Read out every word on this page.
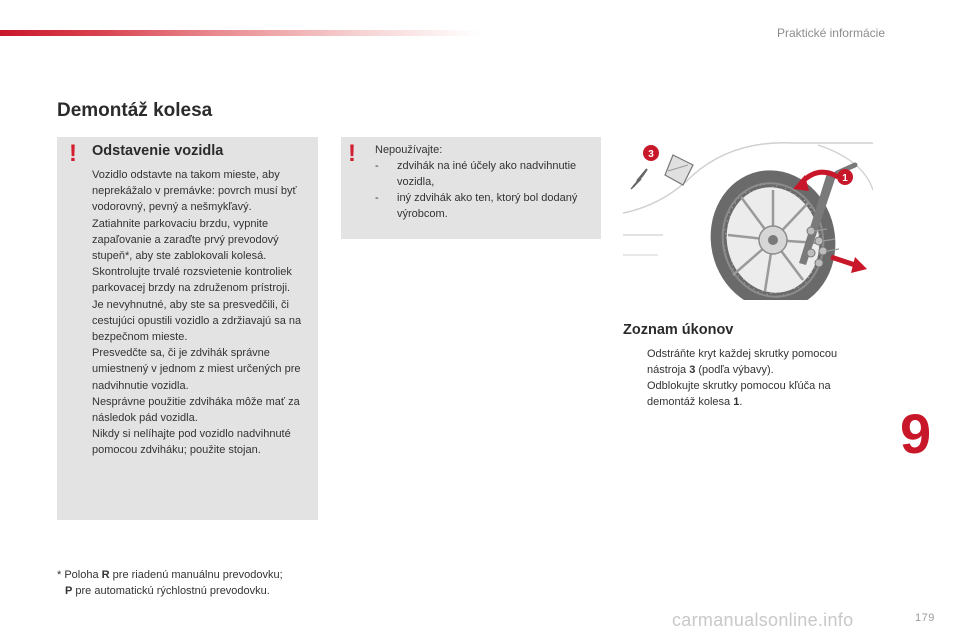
Praktické informácie
Demontáž kolesa
! Odstavenie vozidla

Vozidlo odstavte na takom mieste, aby neprekážalo v premávke: povrch musí byť vodorovný, pevný a nešmykľavý.

Zatiahnite parkovaciu brzdu, vypnite zapaľovanie a zaraďte prvý prevodový stupeň*, aby ste zablokovali kolesá.

Skontrolujte trvalé rozsvietenie kontroliek parkovacej brzdy na združenom prístroji.

Je nevyhnutné, aby ste sa presvedčili, či cestujúci opustili vozidlo a zdržiavajú sa na bezpečnom mieste.

Presvedčte sa, či je zdvihák správne umiestnený v jednom z miest určených pre nadvihnutie vozidla.

Nesprávne použitie zdviháka môže mať za následok pád vozidla.

Nikdy si nelíhajte pod vozidlo nadvihnuté pomocou zdviháku; použite stojan.

! Nepoužívajte:

- zdvihák na iné účely ako nadvihnutie vozidla,
- iný zdvihák ako ten, ktorý bol dodaný výrobcom.

* Poloha R pre riadenú manuálnu prevodovku;

P pre automatickú rýchlostnú prevodovku.

3
1
Zoznam úkonov
Odstráňte kryt každej skrutky pomocou nástroja 3 (podľa výbavy).
Odblokujte skrutky pomocou kľúča na demontáž kolesa 1.	9
179
carmanualsonline.info
